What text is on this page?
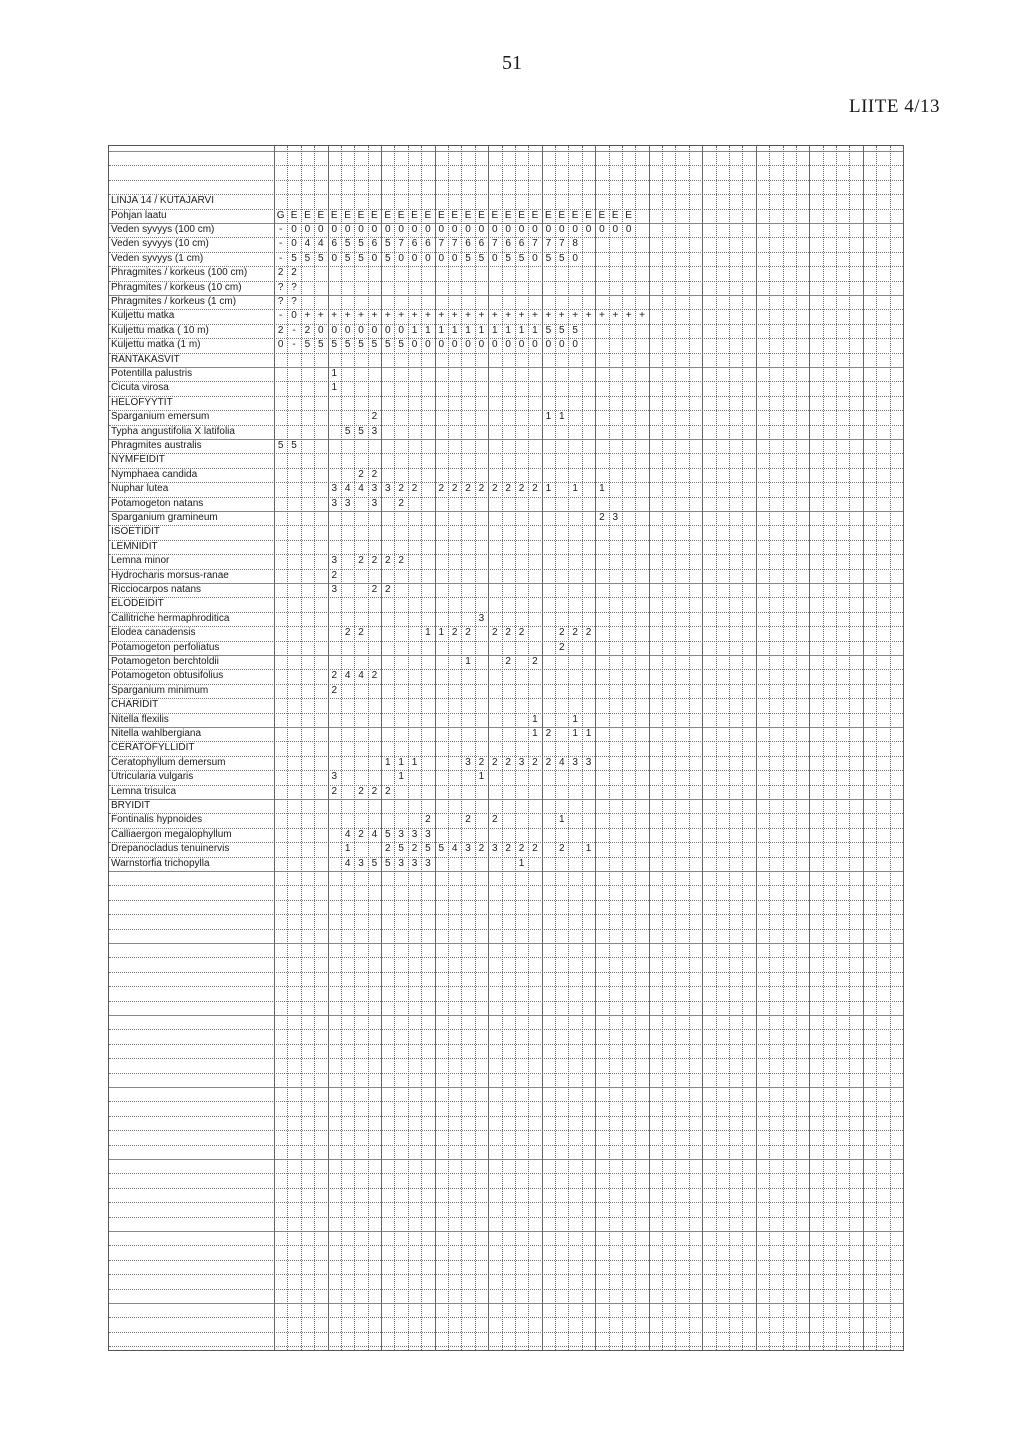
51
LIITE 4/13
LINJA 14 / KUTAJARVI
Pohjan laatu	G E E E E E E E E E E E E E E E E E E E E E E E E E E
Veden syvyys (100 cm)	- 0 0 0 0 0 0 0 0 0 0 0 0 0 0 0 0 0 0 0 0 0 0 0 0 0 0
Veden syvyys (10 cm)	- 0 4 4 6 5 5 6 5 7 6 6 7 7 6 6 7 6 6 7 7 7 8
Veden syvyys (1 cm)	- 5 5 5 0 5 5 0 5 0 0 0 0 0 5 5 0 5 5 0 5 5 0
Phragmites / korkeus (100 cm)	2 2
Phragmites / korkeus (10 cm)	? ?
Phragmites / korkeus (1 cm)	? ?
Kuljettu matka	- 0 + + + + + + + + + + + + + + + + + + + + + + + + + +
Kuljettu matka ( 10 m)	2 - 2 0 0 0 0 0 0 0 1 1 1 1 1 1 1 1 1 1 5 5 5
Kuljettu matka (1 m)	0 - 5 5 5 5 5 5 5 5 0 0 0 0 0 0 0 0 0 0 0 0 0
RANTAKASVIT
Potentilla palustris	1
Cicuta virosa	1
HELOFYYTIT
Sparganium emersum	2	1 1
Typha angustifolia X latifolia	5 5 3
Phragmites australis	5 5
NYMFEIDIT
Nymphaea candida	2 2
Nuphar lutea	3 4 4 3 3 2 2	2 2 2 2 2 2 2 2 1	1	1
Potamogeton natans	3 3	3	2
Sparganium gramineum	2 3
ISOETIDIT
LEMNIDIT
Lemna minor	3	2 2 2 2
Hydrocharis morsus-ranae	2
Ricciocarpos natans	3	2 2
ELODEIDIT
Callitriche hermaphroditica	3
Elodea canadensis	2 2	1 1 2 2	2 2 2	2 2 2
Potamogeton perfoliatus	2
Potamogeton berchtoldii	1	2	2
Potamogeton obtusifolius	2 4 4 2
Sparganium minimum	2
CHARIDIT
Nitella flexilis	1	1
Nitella wahlbergiana	1 2	1 1
CERATOFYLLIDIT
Ceratophyllum demersum	1 1 1	3 2 2 2 3 2 2 4 3 3
Utricularia vulgaris	3	1	1
Lemna trisulca	2	2 2 2
BRYIDIT
Fontinalis hypnoides	2	2	2	1
Calliaergon megalophyllum	4 2 4 5 3 3 3
Drepanocladus tenuinervis	1	2 5 2 5 5 4 3 2 3 2 2 2	2	1
Warnstorfia trichopylla	4 3 5 5 3 3 3	1
